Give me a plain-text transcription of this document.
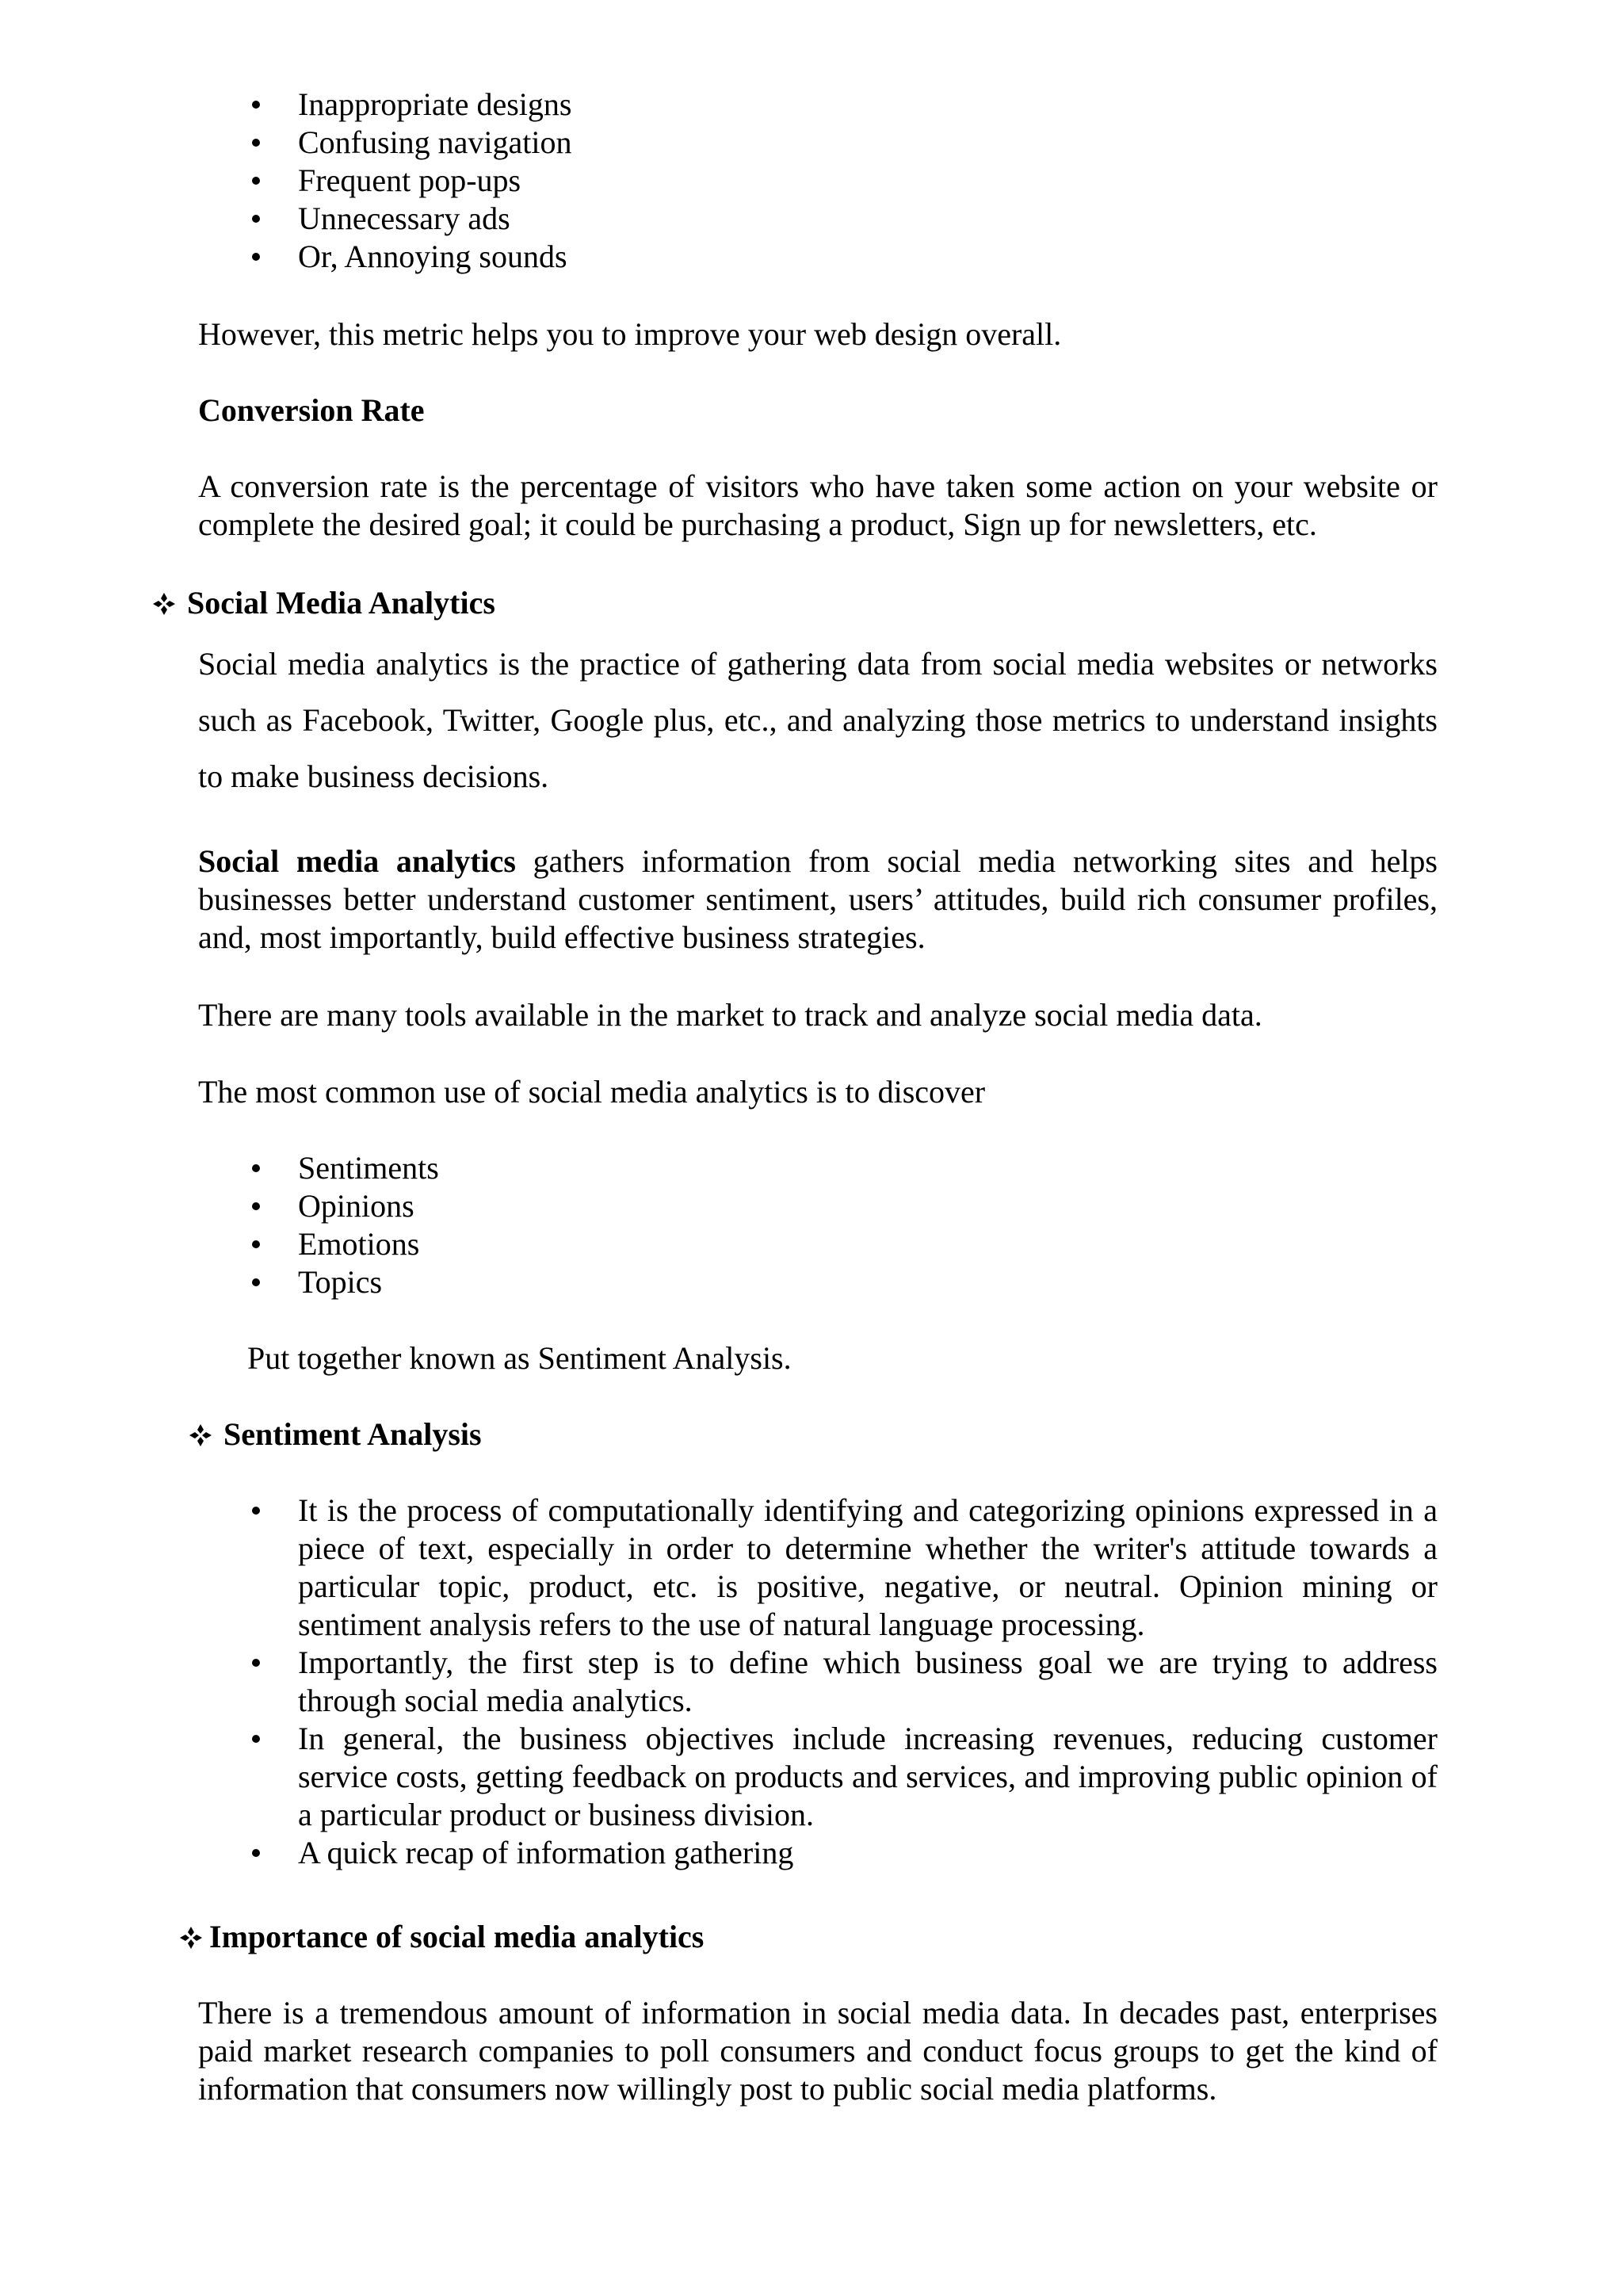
Inappropriate designs
Confusing navigation
Frequent pop-ups
Unnecessary ads
Or, Annoying sounds

However, this metric helps you to improve your web design overall.

Conversion Rate

A conversion rate is the percentage of visitors who have taken some action on your website or complete the desired goal; it could be purchasing a product, Sign up for newsletters, etc.

Social Media Analytics

Social media analytics is the practice of gathering data from social media websites or networks such as Facebook, Twitter, Google plus, etc., and analyzing those metrics to understand insights to make business decisions.

Social media analytics gathers information from social media networking sites and helps businesses better understand customer sentiment, users’ attitudes, build rich consumer profiles, and, most importantly, build effective business strategies.

There are many tools available in the market to track and analyze social media data.

The most common use of social media analytics is to discover

Sentiments
Opinions
Emotions
Topics

Put together known as Sentiment Analysis.

Sentiment Analysis

It is the process of computationally identifying and categorizing opinions expressed in a piece of text, especially in order to determine whether the writer's attitude towards a particular topic, product, etc. is positive, negative, or neutral. Opinion mining or sentiment analysis refers to the use of natural language processing.
Importantly, the first step is to define which business goal we are trying to address through social media analytics.
In general, the business objectives include increasing revenues, reducing customer service costs, getting feedback on products and services, and improving public opinion of a particular product or business division.
A quick recap of information gathering

Importance of social media analytics

There is a tremendous amount of information in social media data. In decades past, enterprises paid market research companies to poll consumers and conduct focus groups to get the kind of information that consumers now willingly post to public social media platforms.
